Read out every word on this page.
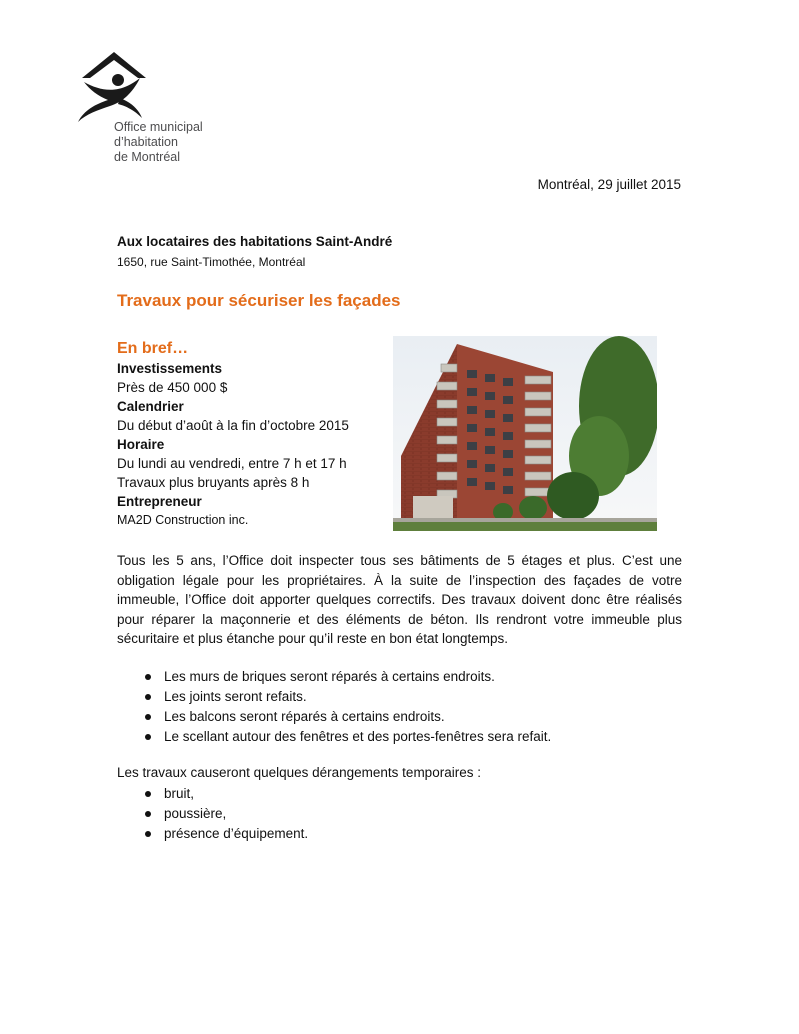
Office municipal
d’habitation
de Montréal
Montréal, 29 juillet 2015
Aux locataires des habitations Saint-André
1650, rue Saint-Timothée, Montréal
Travaux pour sécuriser les façades
En bref…
Investissements
Près de 450 000 $
Calendrier
Du début d’août à la fin d’octobre 2015
Horaire
Du lundi au vendredi, entre 7 h et 17 h
Travaux plus bruyants après 8 h
Entrepreneur
MA2D Construction inc.
Tous les 5 ans, l’Office doit inspecter tous ses bâtiments de 5 étages et plus. C’est une obligation légale pour les propriétaires. À la suite de l’inspection des façades de votre immeuble, l’Office doit apporter quelques correctifs. Des travaux doivent donc être réalisés pour réparer la maçonnerie et des éléments de béton. Ils rendront votre immeuble plus sécuritaire et plus étanche pour qu’il reste en bon état longtemps.
Les murs de briques seront réparés à certains endroits.
Les joints seront refaits.
Les balcons seront réparés à certains endroits.
Le scellant autour des fenêtres et des portes-fenêtres sera refait.
Les travaux causeront quelques dérangements temporaires :
bruit,
poussière,
présence d’équipement.
